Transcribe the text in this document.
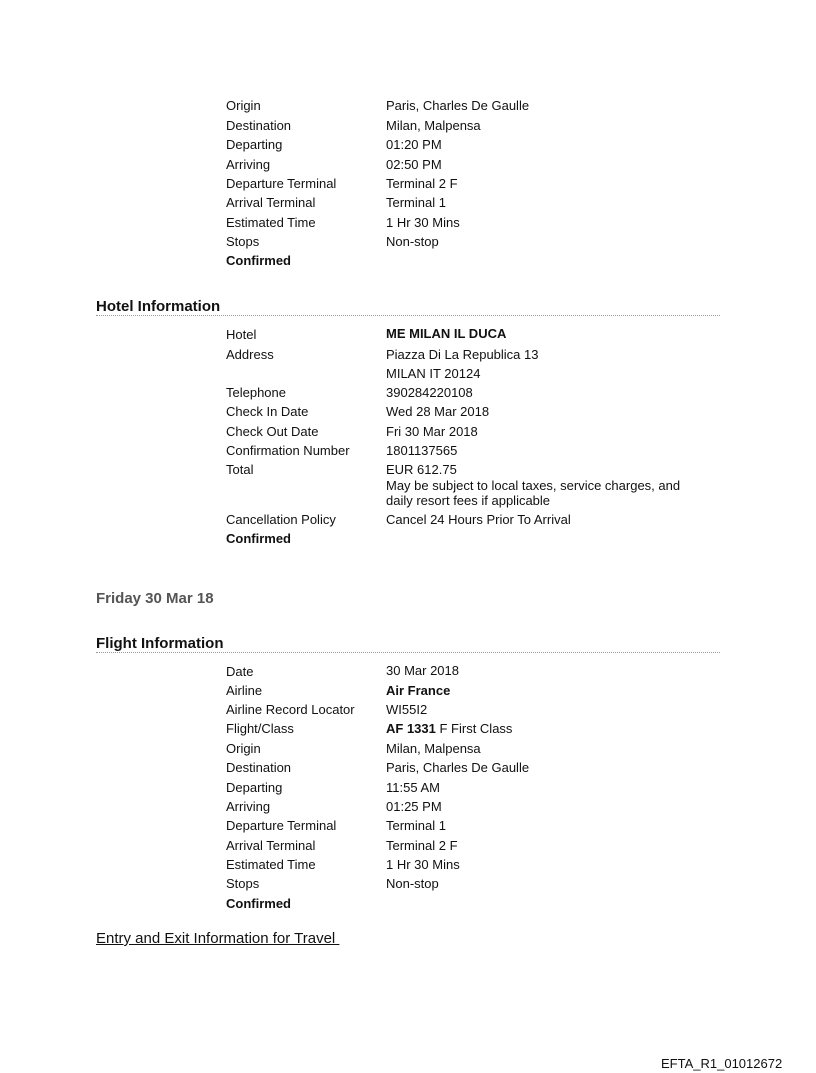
Origin	Paris, Charles De Gaulle
Destination	Milan, Malpensa
Departing	01:20 PM
Arriving	02:50 PM
Departure Terminal	Terminal 2 F
Arrival Terminal	Terminal 1
Estimated Time	1 Hr 30 Mins
Stops	Non-stop
Confirmed
Hotel Information
Hotel	ME MILAN IL DUCA
Address	Piazza Di La Republica 13
MILAN IT 20124
Telephone	390284220108
Check In Date	Wed 28 Mar 2018
Check Out Date	Fri 30 Mar 2018
Confirmation Number	1801137565
Total	EUR 612.75
May be subject to local taxes, service charges, and daily resort fees if applicable
Cancellation Policy	Cancel 24 Hours Prior To Arrival
Confirmed
Friday 30 Mar 18
Flight Information
Date	30 Mar 2018
Airline	Air France
Airline Record Locator WI55I2
Flight/Class	AF 1331 F First Class
Origin	Milan, Malpensa
Destination	Paris, Charles De Gaulle
Departing	11:55 AM
Arriving	01:25 PM
Departure Terminal	Terminal 1
Arrival Terminal	Terminal 2 F
Estimated Time	1 Hr 30 Mins
Stops	Non-stop
Confirmed
Entry and Exit Information for Travel
EFTA_R1_01012672
